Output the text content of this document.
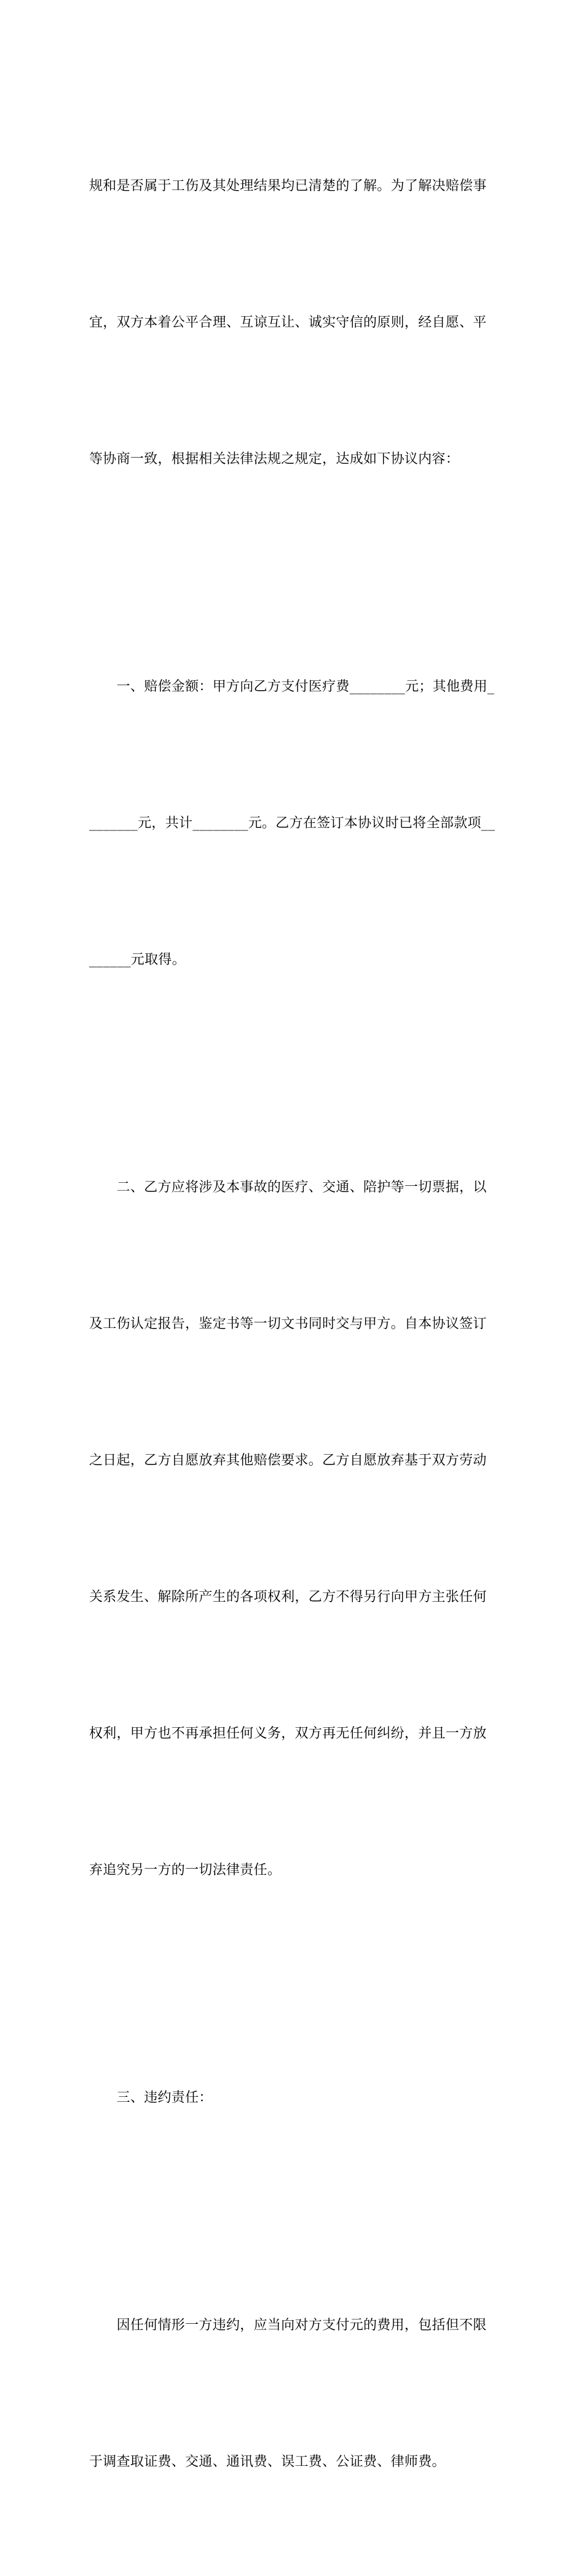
规和是否属于工伤及其处理结果均已清楚的了解。为了解决赔偿事

宜，双方本着公平合理、互谅互让、诚实守信的原则，经自愿、平

等协商一致，根据相关法律法规之规定，达成如下协议内容：

　　一、赔偿金额：甲方向乙方支付医疗费________元；其他费用_

_______元，共计________元。乙方在签订本协议时已将全部款项__

______元取得。

　　二、乙方应将涉及本事故的医疗、交通、陪护等一切票据，以

及工伤认定报告，鉴定书等一切文书同时交与甲方。自本协议签订

之日起，乙方自愿放弃其他赔偿要求。乙方自愿放弃基于双方劳动

关系发生、解除所产生的各项权利，乙方不得另行向甲方主张任何

权利，甲方也不再承担任何义务，双方再无任何纠纷，并且一方放

弃追究另一方的一切法律责任。

　　三、违约责任：

　　因任何情形一方违约，应当向对方支付元的费用，包括但不限

于调查取证费、交通、通讯费、误工费、公证费、律师费。
